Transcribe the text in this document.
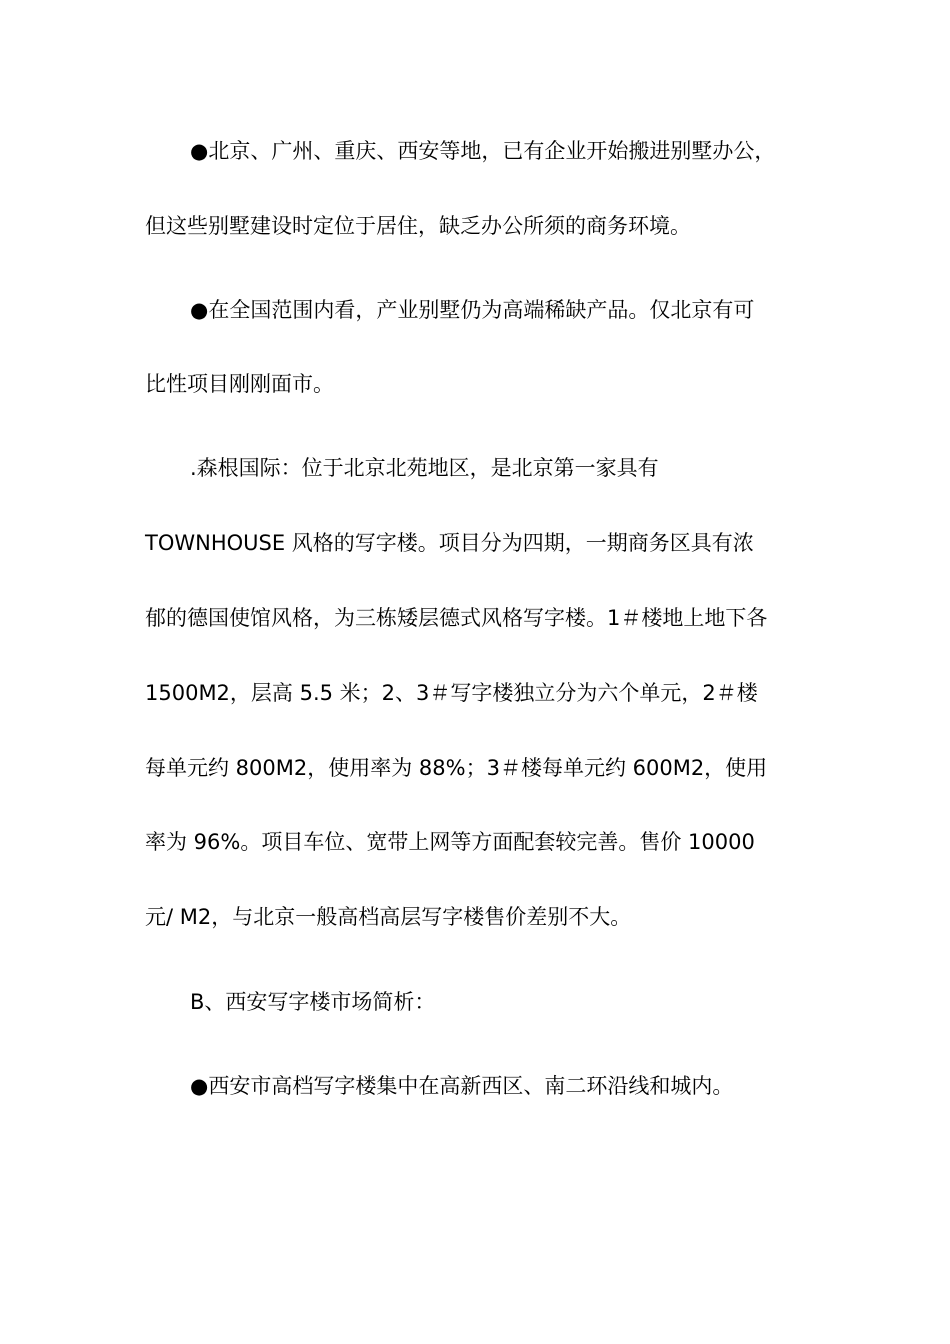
●北京、广州、重庆、西安等地，已有企业开始搬进别墅办公，
但这些别墅建设时定位于居住，缺乏办公所须的商务环境。
●在全国范围内看，产业别墅仍为高端稀缺产品。仅北京有可
比性项目刚刚面市。
.森根国际：位于北京北苑地区，是北京第一家具有
TOWNHOUSE 风格的写字楼。项目分为四期，一期商务区具有浓
郁的德国使馆风格，为三栋矮层德式风格写字楼。1＃楼地上地下各
1500M2，层高 5.5 米；2、3＃写字楼独立分为六个单元，2＃楼
每单元约 800M2，使用率为 88%；3＃楼每单元约 600M2，使用
率为 96%。项目车位、宽带上网等方面配套较完善。售价 10000
元/ M2，与北京一般高档高层写字楼售价差别不大。
B、西安写字楼市场简析：
●西安市高档写字楼集中在高新西区、南二环沿线和城内。
